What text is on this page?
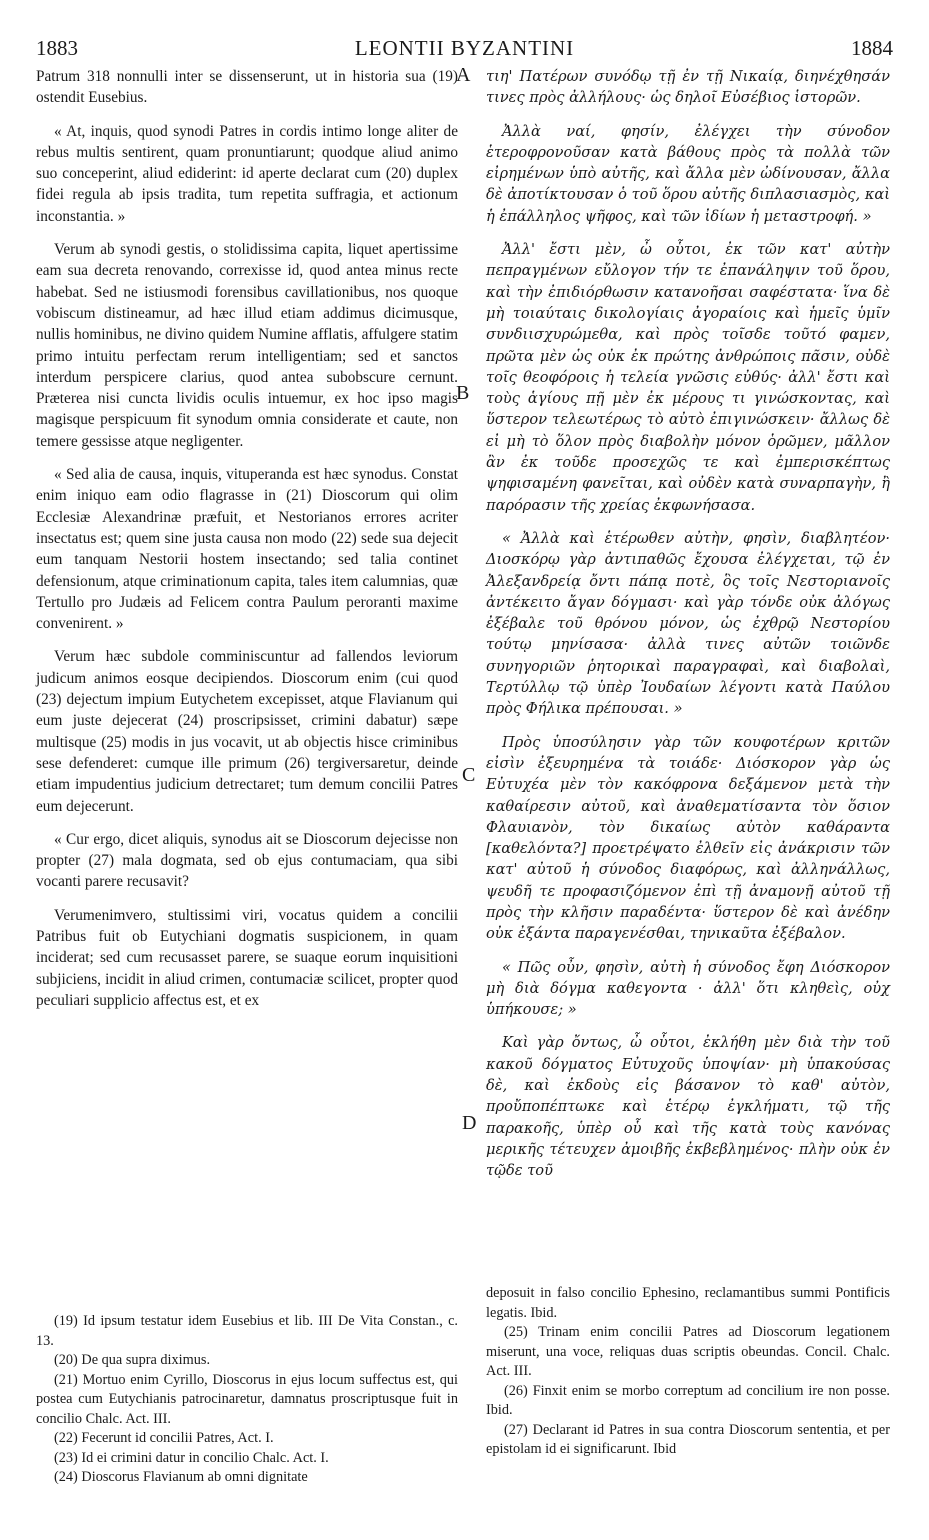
1883	LEONTII BYZANTINI	1884

Patrum 318 nonnulli inter se dissenserunt, ut in historia sua (19) ostendit Eusebius.

« At, inquis, quod synodi Patres in cordis intimo longe aliter de rebus multis sentirent, quam pronuntiarunt; quodque aliud animo suo conceperint, aliud ediderint: id aperte declarat cum (20) duplex fidei regula ab ipsis tradita, tum repetita suffragia, et actionum inconstantia. »

Verum ab synodi gestis, o stolidissima capita, liquet apertissime eam sua decreta renovando, correxisse id, quod antea minus recte habebat. Sed ne istiusmodi forensibus cavillationibus, nos quoque vobiscum distineamur, ad hæc illud etiam addimus dicimusque, nullis hominibus, ne divino quidem Numine afflatis, affulgere statim primo intuitu perfectam rerum intelligentiam; sed et sanctos interdum perspicere clarius, quod antea subobscure cernunt. Præterea nisi cuncta lividis oculis intuemur, ex hoc ipso magis magisque perspicuum fit synodum omnia considerate et caute, non temere gessisse atque negligenter.

« Sed alia de causa, inquis, vituperanda est hæc synodus. Constat enim iniquo eam odio flagrasse in (21) Dioscorum qui olim Ecclesiæ Alexandrinæ præfuit, et Nestorianos errores acriter insectatus est; quem sine justa causa non modo (22) sede sua dejecit eum tanquam Nestorii hostem insectando; sed talia continet defensionum, atque criminationum capita, tales item calumnias, quæ Tertullo pro Judæis ad Felicem contra Paulum peroranti maxime convenirent. »

Verum hæc subdole comminiscuntur ad fallendos leviorum judicum animos eosque decipiendos. Dioscorum enim (cui quod (23) dejectum impium Eutychetem excepisset, atque Flavianum qui eum juste dejecerat (24) proscripsisset, crimini dabatur) sæpe multisque (25) modis in jus vocavit, ut ab objectis hisce criminibus sese defenderet: cumque ille primum (26) tergiversaretur, deinde etiam impudentius judicium detrectaret; tum demum concilii Patres eum dejecerunt.

« Cur ergo, dicet aliquis, synodus ait se Dioscorum dejecisse non propter (27) mala dogmata, sed ob ejus contumaciam, qua sibi vocanti parere recusavit?

Verumenimvero, stultissimi viri, vocatus quidem a concilii Patribus fuit ob Eutychiani dogmatis suspicionem, in quam inciderat; sed cum recusasset parere, se suaque eorum inquisitioni subjiciens, incidit in aliud crimen, contumaciæ scilicet, propter quod peculiari supplicio affectus est, et ex

A
B
C
D

τιη' Πατέρων συνόδῳ τῇ ἐν τῇ Νικαίᾳ, διηνέχθησάν τινες πρὸς ἀλλήλους· ὡς δηλοῖ Εὐσέβιος ἱστορῶν.

Ἀλλὰ ναί, φησίν, ἐλέγχει τὴν σύνοδον ἑτεροφρονοῦσαν κατὰ βάθους πρὸς τὰ πολλὰ τῶν εἰρημένων ὑπὸ αὐτῆς, καὶ ἄλλα μὲν ὠδίνουσαν, ἄλλα δὲ ἀποτίκτουσαν ὁ τοῦ ὅρου αὐτῆς διπλασιασμὸς, καὶ ἡ ἐπάλληλος ψῆφος, καὶ τῶν ἰδίων ἡ μεταστροφή. »

Ἀλλ' ἔστι μὲν, ὦ οὗτοι, ἐκ τῶν κατ' αὐτὴν πεπραγμένων εὔλογον τήν τε ἐπανάληψιν τοῦ ὅρου, καὶ τὴν ἐπιδιόρθωσιν κατανοῆσαι σαφέστατα· ἵνα δὲ μὴ τοιαύταις δικολογίαις ἀγοραίοις καὶ ἡμεῖς ὑμῖν συνδιισχυρώμεθα, καὶ πρὸς τοῖσδε τοῦτό φαμεν, πρῶτα μὲν ὡς οὐκ ἐκ πρώτης ἀνθρώποις πᾶσιν, οὐδὲ τοῖς θεοφόροις ἡ τελεία γνῶσις εὐθύς· ἀλλ' ἔστι καὶ τοὺς ἁγίους πῇ μὲν ἐκ μέρους τι γινώσκοντας, καὶ ὕστερον τελεωτέρως τὸ αὐτὸ ἐπιγινώσκειν· ἄλλως δὲ εἰ μὴ τὸ ὅλον πρὸς διαβολὴν μόνον ὁρῶμεν, μᾶλλον ἂν ἐκ τοῦδε προσεχῶς τε καὶ ἐμπερισκέπτως ψηφισαμένη φανεῖται, καὶ οὐδὲν κατὰ συναρπαγὴν, ἢ παρόρασιν τῆς χρείας ἐκφωνήσασα.

« Ἀλλὰ καὶ ἑτέρωθεν αὐτὴν, φησὶν, διαβλητέον· Διοσκόρῳ γὰρ ἀντιπαθῶς ἔχουσα ἐλέγχεται, τῷ ἐν Ἀλεξανδρείᾳ ὄντι πάπᾳ ποτὲ, ὃς τοῖς Νεστοριανοῖς ἀντέκειτο ἄγαν δόγμασι· καὶ γὰρ τόνδε οὐκ ἀλόγως ἐξέβαλε τοῦ θρόνου μόνον, ὡς ἐχθρῷ Νεστορίου τούτῳ μηνίσασα· ἀλλὰ τινες αὐτῶν τοιῶνδε συνηγοριῶν ῥητορικαὶ παραγραφαὶ, καὶ διαβολαὶ, Τερτύλλῳ τῷ ὑπὲρ Ἰουδαίων λέγοντι κατὰ Παύλου πρὸς Φήλικα πρέπουσαι. »

Πρὸς ὑποσύλησιν γὰρ τῶν κουφοτέρων κριτῶν εἰσὶν ἐξευρημένα τὰ τοιάδε· Διόσκορον γὰρ ὡς Εὐτυχέα μὲν τὸν κακόφρονα δεξάμενον μετὰ τὴν καθαίρεσιν αὐτοῦ, καὶ ἀναθεματίσαντα τὸν ὅσιον Φλαυιανὸν, τὸν δικαίως αὐτὸν καθάραντα [καθελόντα?] προετρέψατο ἐλθεῖν εἰς ἀνάκρισιν τῶν κατ' αὐτοῦ ἡ σύνοδος διαφόρως, καὶ ἀλληνάλλως, ψευδῆ τε προφασιζόμενον ἐπὶ τῇ ἀναμονῇ αὐτοῦ τῇ πρὸς τὴν κλῆσιν παραδέντα· ὕστερον δὲ καὶ ἀνέδην οὐκ ἐξάντα παραγενέσθαι, τηνικαῦτα ἐξέβαλον.

« Πῶς οὖν, φησὶν, αὐτὴ ἡ σύνοδος ἔφη Διόσκορον μὴ διὰ δόγμα καθεγοντα · ἀλλ' ὅτι κληθεὶς, οὐχ ὑπήκουσε; »

Καὶ γὰρ ὄντως, ὦ οὗτοι, ἐκλήθη μὲν διὰ τὴν τοῦ κακοῦ δόγματος Εὐτυχοῦς ὑποψίαν· μὴ ὑπακούσας δὲ, καὶ ἐκδοὺς εἰς βάσανον τὸ καθ' αὐτὸν, προὔποπέπτωκε καὶ ἑτέρῳ ἐγκλήματι, τῷ τῆς παρακοῆς, ὑπὲρ οὗ καὶ τῆς κατὰ τοὺς κανόνας μερικῆς τέτευχεν ἀμοιβῆς ἐκβεβλημένος· πλὴν οὐκ ἐν τῷδε τοῦ

(19) Id ipsum testatur idem Eusebius et lib. III De Vita Constan., c. 13.
(20) De qua supra diximus.
(21) Mortuo enim Cyrillo, Dioscorus in ejus locum suffectus est, qui postea cum Eutychianis patrocinaretur, damnatus proscriptusque fuit in concilio Chalc. Act. III.
(22) Fecerunt id concilii Patres, Act. I.
(23) Id ei crimini datur in concilio Chalc. Act. I.
(24) Dioscorus Flavianum ab omni dignitate
deposuit in falso concilio Ephesino, reclamantibus summi Pontificis legatis. Ibid.
(25) Trinam enim concilii Patres ad Dioscorum legationem miserunt, una voce, reliquas duas scriptis obeundas. Concil. Chalc. Act. III.
(26) Finxit enim se morbo correptum ad concilium ire non posse. Ibid.
(27) Declarant id Patres in sua contra Dioscorum sententia, et per epistolam id ei significarunt. Ibid
